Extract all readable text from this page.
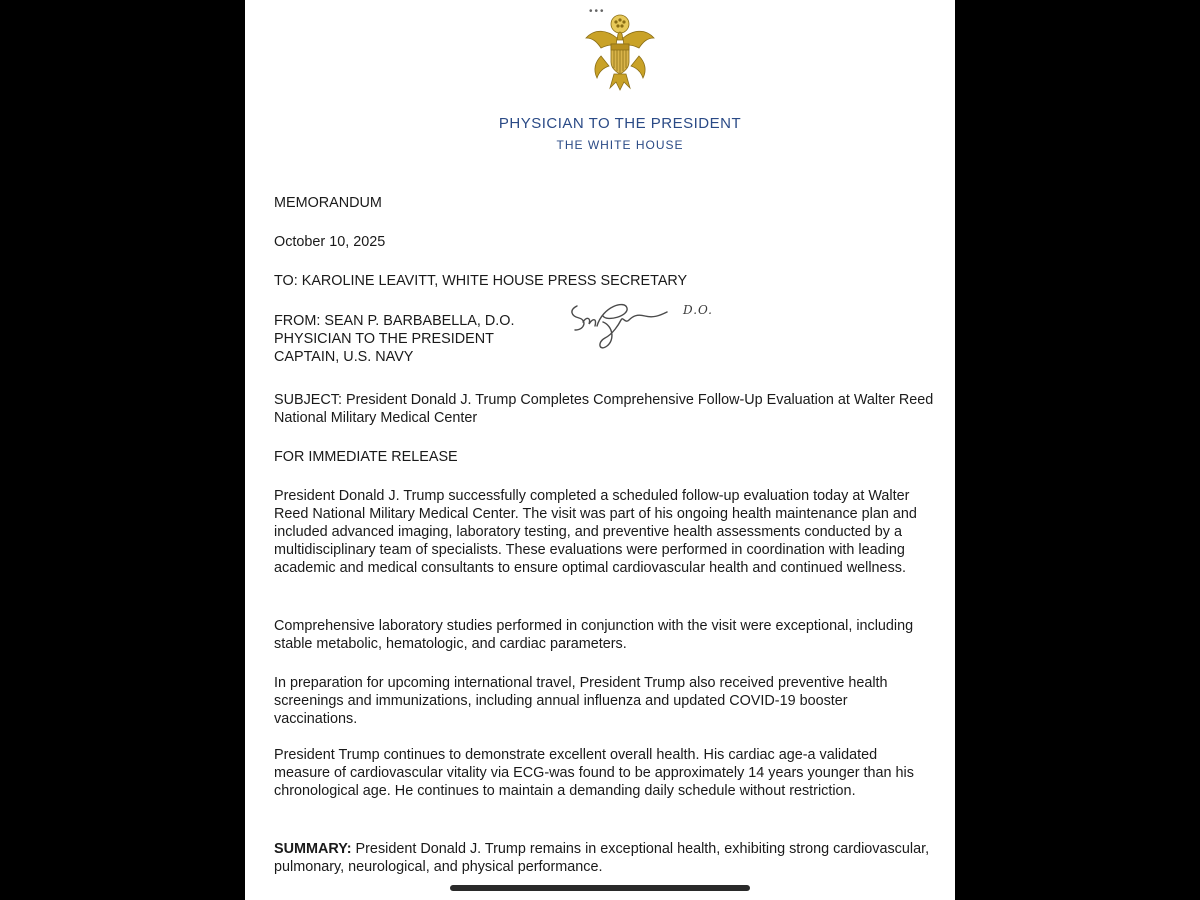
•••
PHYSICIAN TO THE PRESIDENT
THE WHITE HOUSE
MEMORANDUM
October 10, 2025
TO: KAROLINE LEAVITT, WHITE HOUSE PRESS SECRETARY
FROM: SEAN P. BARBABELLA, D.O.
PHYSICIAN TO THE PRESIDENT
CAPTAIN, U.S. NAVY
D.O.
SUBJECT: President Donald J. Trump Completes Comprehensive Follow-Up Evaluation at Walter Reed National Military Medical Center
FOR IMMEDIATE RELEASE
President Donald J. Trump successfully completed a scheduled follow-up evaluation today at Walter Reed National Military Medical Center. The visit was part of his ongoing health maintenance plan and included advanced imaging, laboratory testing, and preventive health assessments conducted by a multidisciplinary team of specialists. These evaluations were performed in coordination with leading academic and medical consultants to ensure optimal cardiovascular health and continued wellness.
Comprehensive laboratory studies performed in conjunction with the visit were exceptional, including stable metabolic, hematologic, and cardiac parameters.
In preparation for upcoming international travel, President Trump also received preventive health screenings and immunizations, including annual influenza and updated COVID-19 booster vaccinations.
President Trump continues to demonstrate excellent overall health. His cardiac age-a validated measure of cardiovascular vitality via ECG-was found to be approximately 14 years younger than his chronological age. He continues to maintain a demanding daily schedule without restriction.
SUMMARY: President Donald J. Trump remains in exceptional health, exhibiting strong cardiovascular, pulmonary, neurological, and physical performance.
